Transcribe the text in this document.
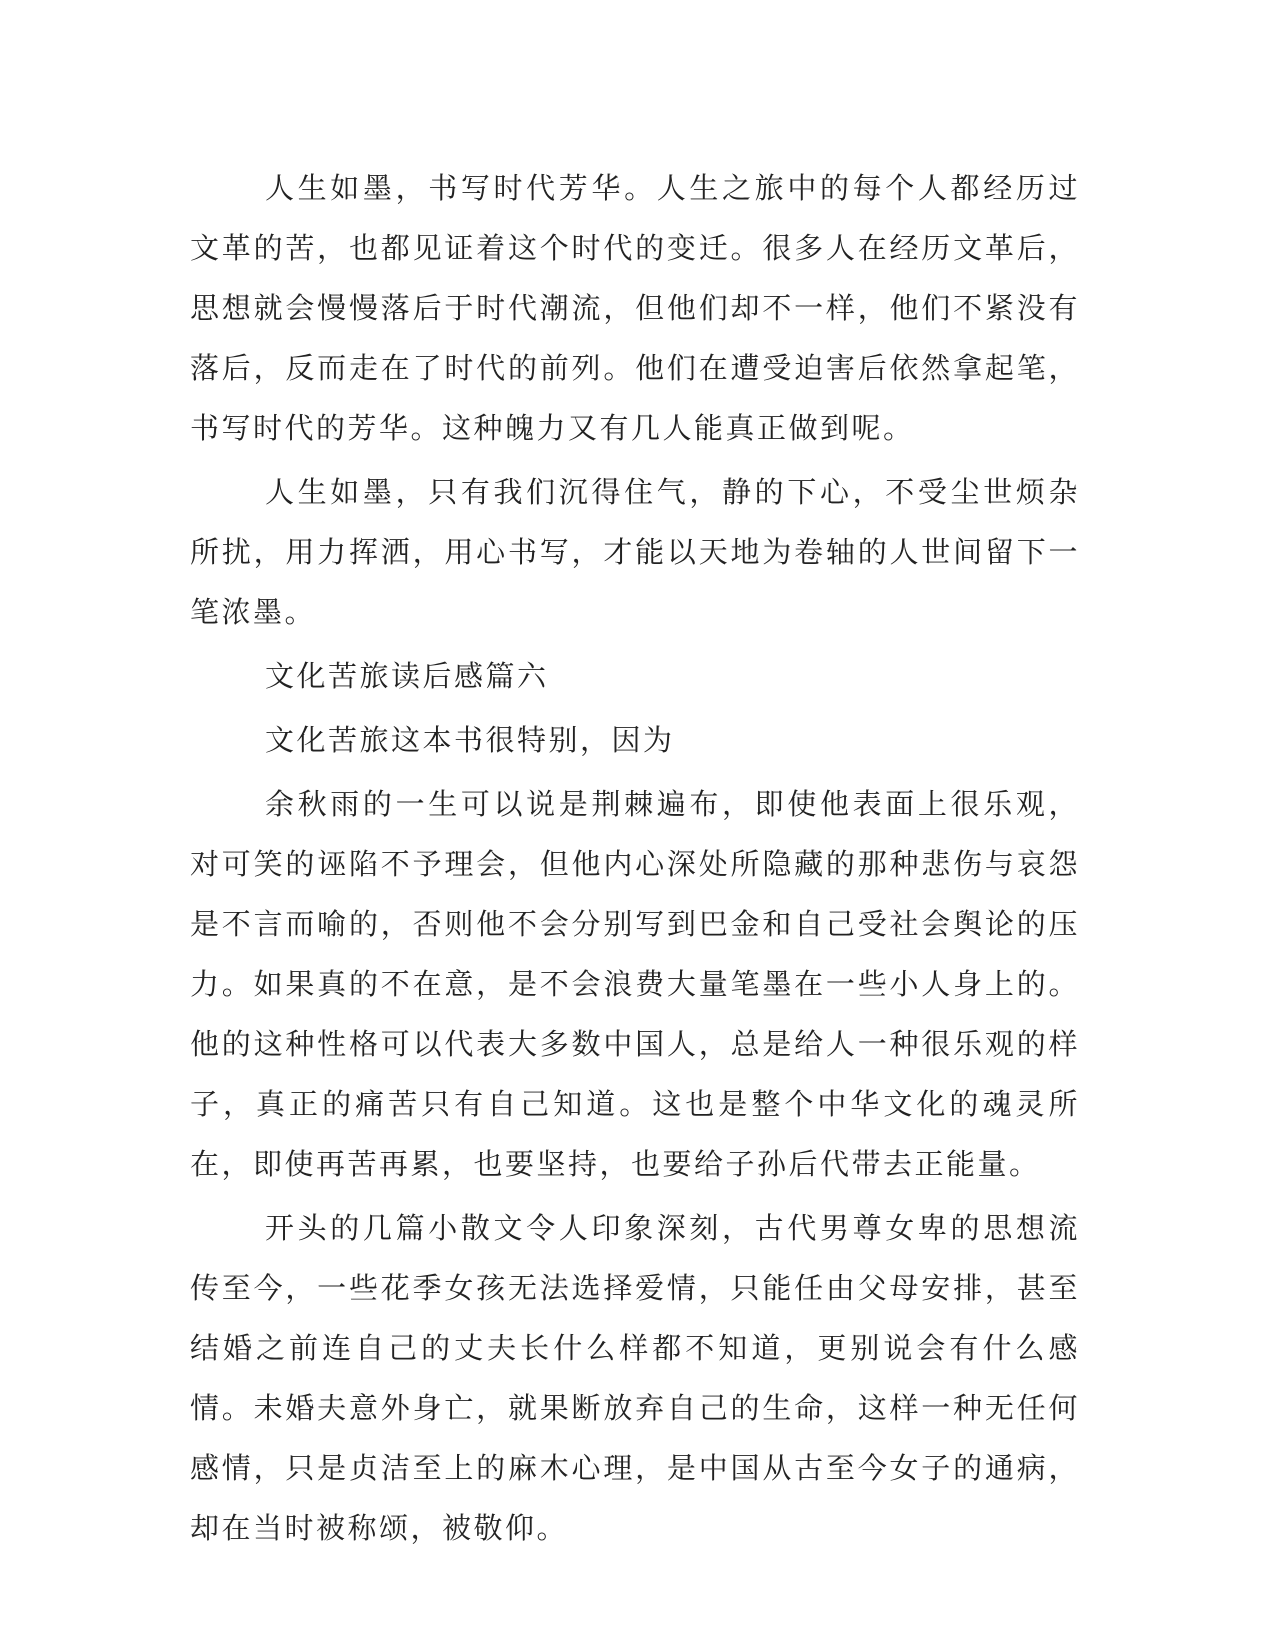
人生如墨，书写时代芳华。人生之旅中的每个人都经历过文革的苦，也都见证着这个时代的变迁。很多人在经历文革后，思想就会慢慢落后于时代潮流，但他们却不一样，他们不紧没有落后，反而走在了时代的前列。他们在遭受迫害后依然拿起笔，书写时代的芳华。这种魄力又有几人能真正做到呢。

人生如墨，只有我们沉得住气，静的下心，不受尘世烦杂所扰，用力挥洒，用心书写，才能以天地为卷轴的人世间留下一笔浓墨。

文化苦旅读后感篇六

文化苦旅这本书很特别，因为

余秋雨的一生可以说是荆棘遍布，即使他表面上很乐观，对可笑的诬陷不予理会，但他内心深处所隐藏的那种悲伤与哀怨是不言而喻的，否则他不会分别写到巴金和自己受社会舆论的压力。如果真的不在意，是不会浪费大量笔墨在一些小人身上的。他的这种性格可以代表大多数中国人，总是给人一种很乐观的样子，真正的痛苦只有自己知道。这也是整个中华文化的魂灵所在，即使再苦再累，也要坚持，也要给子孙后代带去正能量。

开头的几篇小散文令人印象深刻，古代男尊女卑的思想流传至今，一些花季女孩无法选择爱情，只能任由父母安排，甚至结婚之前连自己的丈夫长什么样都不知道，更别说会有什么感情。未婚夫意外身亡，就果断放弃自己的生命，这样一种无任何感情，只是贞洁至上的麻木心理，是中国从古至今女子的通病，却在当时被称颂，被敬仰。
